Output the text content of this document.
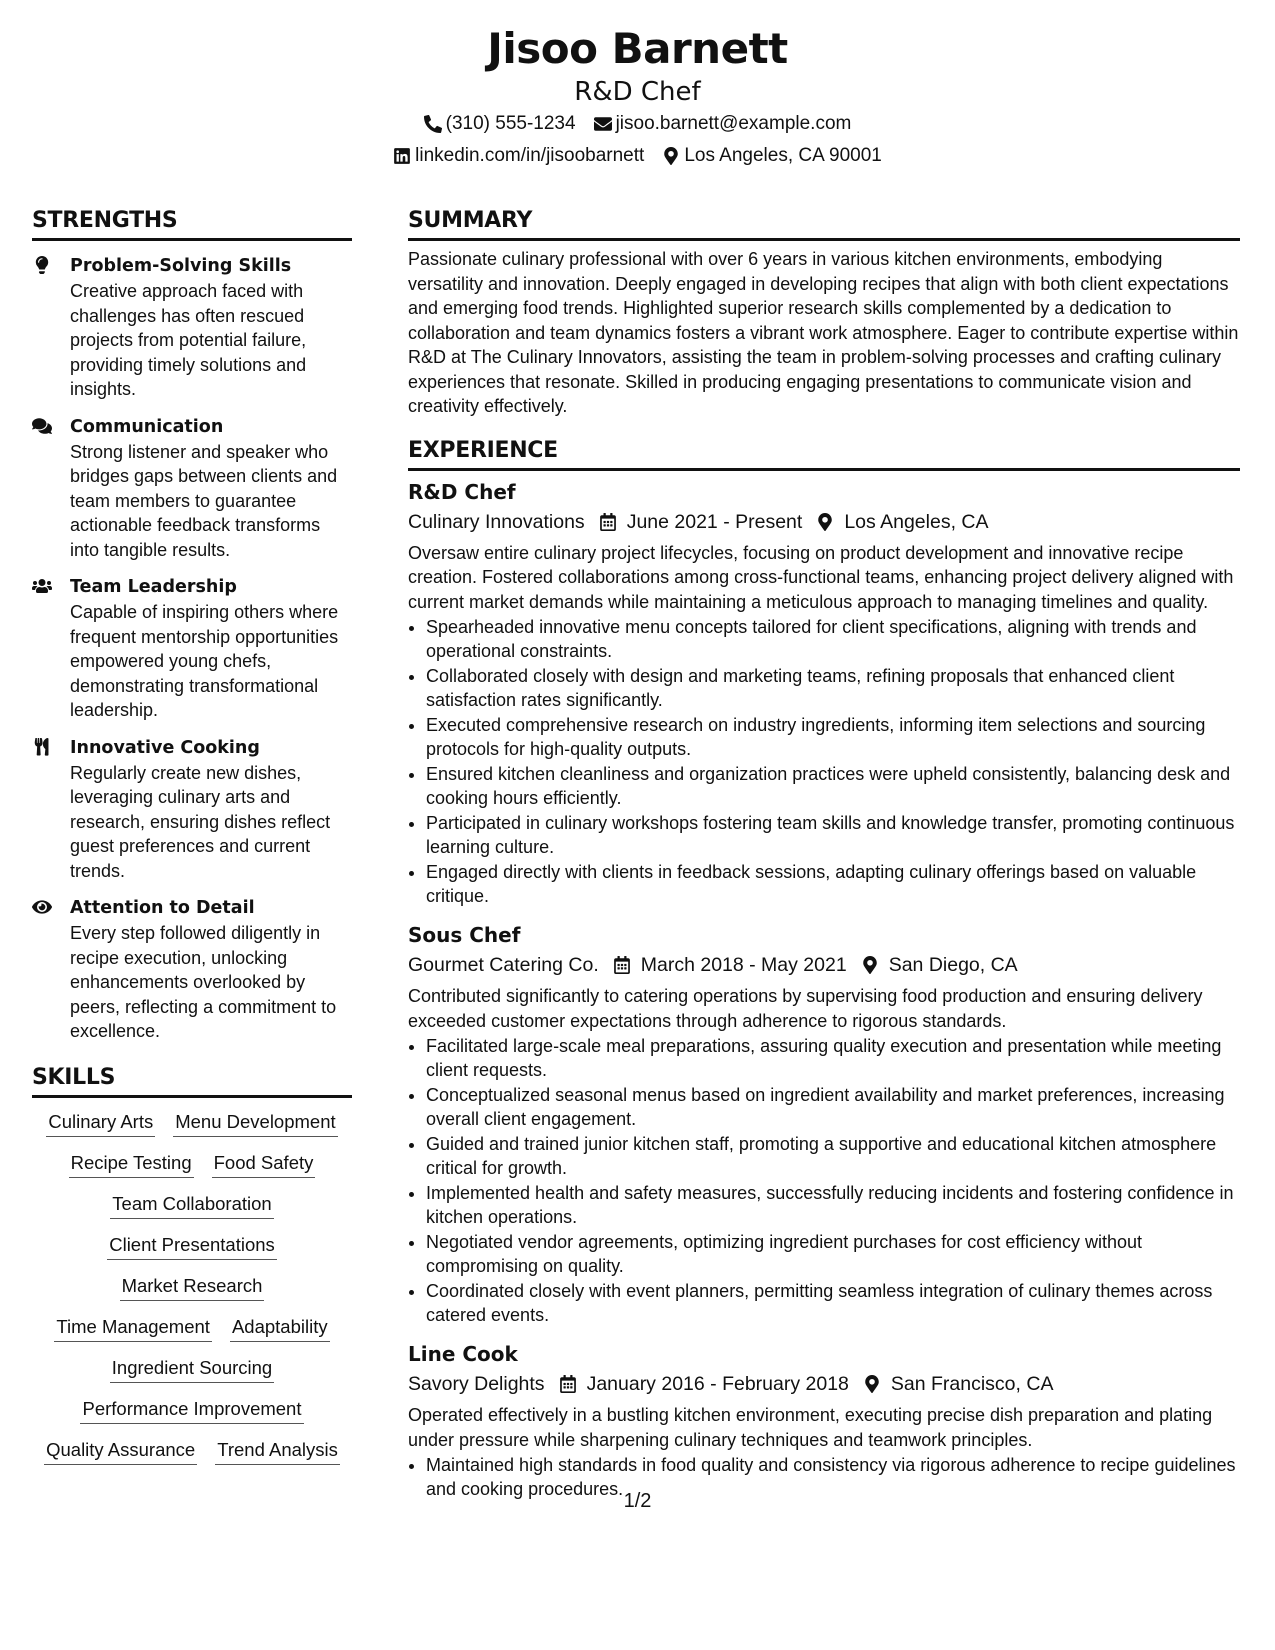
Jisoo Barnett
R&D Chef
(310) 555-1234 jisoo.barnett@example.com
linkedin.com/in/jisoobarnett Los Angeles, CA 90001
STRENGTHS
Problem-Solving Skills
Creative approach faced with challenges has often rescued projects from potential failure, providing timely solutions and insights.
Communication
Strong listener and speaker who bridges gaps between clients and team members to guarantee actionable feedback transforms into tangible results.
Team Leadership
Capable of inspiring others where frequent mentorship opportunities empowered young chefs, demonstrating transformational leadership.
Innovative Cooking
Regularly create new dishes, leveraging culinary arts and research, ensuring dishes reflect guest preferences and current trends.
Attention to Detail
Every step followed diligently in recipe execution, unlocking enhancements overlooked by peers, reflecting a commitment to excellence.
SKILLS
Culinary Arts Menu Development
Recipe Testing Food Safety
Team Collaboration
Client Presentations
Market Research
Time Management Adaptability
Ingredient Sourcing
Performance Improvement
Quality Assurance Trend Analysis
SUMMARY
Passionate culinary professional with over 6 years in various kitchen environments, embodying versatility and innovation. Deeply engaged in developing recipes that align with both client expectations and emerging food trends. Highlighted superior research skills complemented by a dedication to collaboration and team dynamics fosters a vibrant work atmosphere. Eager to contribute expertise within R&D at The Culinary Innovators, assisting the team in problem-solving processes and crafting culinary experiences that resonate. Skilled in producing engaging presentations to communicate vision and creativity effectively.
EXPERIENCE
R&D Chef
Culinary Innovations June 2021 - Present Los Angeles, CA
Oversaw entire culinary project lifecycles, focusing on product development and innovative recipe creation. Fostered collaborations among cross-functional teams, enhancing project delivery aligned with current market demands while maintaining a meticulous approach to managing timelines and quality.
• Spearheaded innovative menu concepts tailored for client specifications, aligning with trends and operational constraints.
• Collaborated closely with design and marketing teams, refining proposals that enhanced client satisfaction rates significantly.
• Executed comprehensive research on industry ingredients, informing item selections and sourcing protocols for high-quality outputs.
• Ensured kitchen cleanliness and organization practices were upheld consistently, balancing desk and cooking hours efficiently.
• Participated in culinary workshops fostering team skills and knowledge transfer, promoting continuous learning culture.
• Engaged directly with clients in feedback sessions, adapting culinary offerings based on valuable critique.
Sous Chef
Gourmet Catering Co. March 2018 - May 2021 San Diego, CA
Contributed significantly to catering operations by supervising food production and ensuring delivery exceeded customer expectations through adherence to rigorous standards.
• Facilitated large-scale meal preparations, assuring quality execution and presentation while meeting client requests.
• Conceptualized seasonal menus based on ingredient availability and market preferences, increasing overall client engagement.
• Guided and trained junior kitchen staff, promoting a supportive and educational kitchen atmosphere critical for growth.
• Implemented health and safety measures, successfully reducing incidents and fostering confidence in kitchen operations.
• Negotiated vendor agreements, optimizing ingredient purchases for cost efficiency without compromising on quality.
• Coordinated closely with event planners, permitting seamless integration of culinary themes across catered events.
Line Cook
Savory Delights January 2016 - February 2018 San Francisco, CA
Operated effectively in a bustling kitchen environment, executing precise dish preparation and plating under pressure while sharpening culinary techniques and teamwork principles.
• Maintained high standards in food quality and consistency via rigorous adherence to recipe guidelines and cooking procedures.
1/2
